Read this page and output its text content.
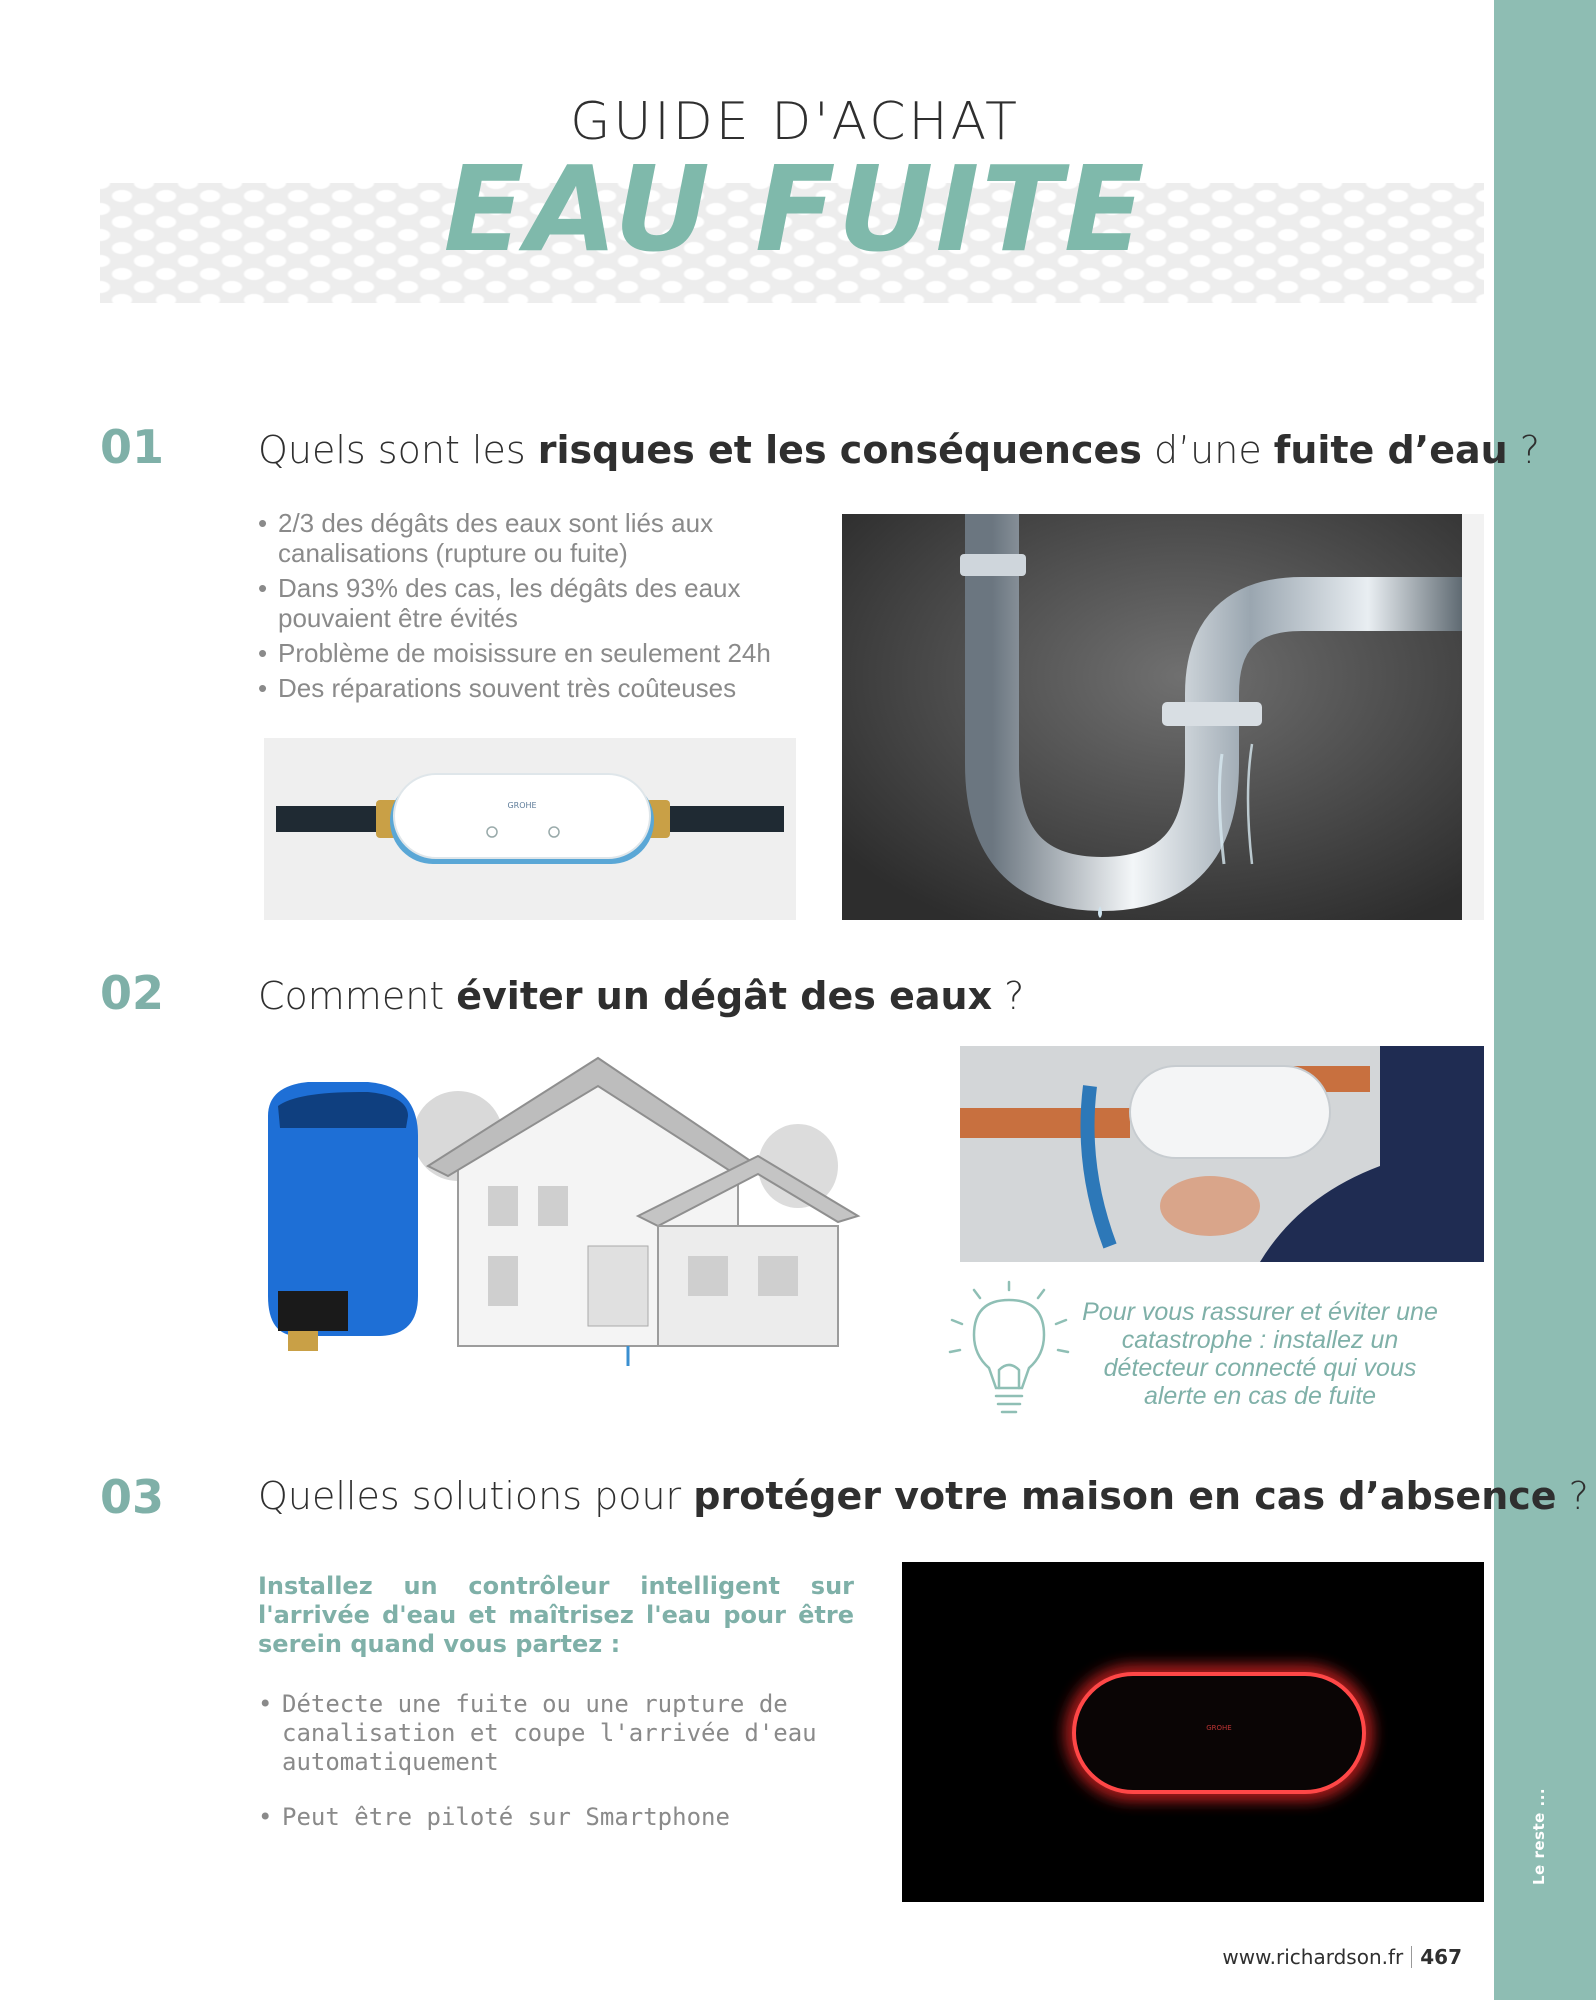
Le reste ...
GUIDE D'ACHAT
EAU FUITE
01 Quels sont les risques et les conséquences d’une fuite d’eau ?
• 2/3 des dégâts des eaux sont liés aux canalisations (rupture ou fuite)
• Dans 93% des cas, les dégâts des eaux pouvaient être évités
• Problème de moisissure en seulement 24h
• Des réparations souvent très coûteuses
GROHE
02 Comment éviter un dégât des eaux ?
Pour vous rassurer et éviter une catastrophe : installez un détecteur connecté qui vous alerte en cas de fuite
03 Quelles solutions pour protéger votre maison en cas d’absence ?
Installez un contrôleur intelligent sur l'arrivée d'eau et maîtrisez l'eau pour être serein quand vous partez :
• Détecte une fuite ou une rupture de canalisation et coupe l'arrivée d'eau automatiquement
• Peut être piloté sur Smartphone
GROHE
www.richardson.fr 467
